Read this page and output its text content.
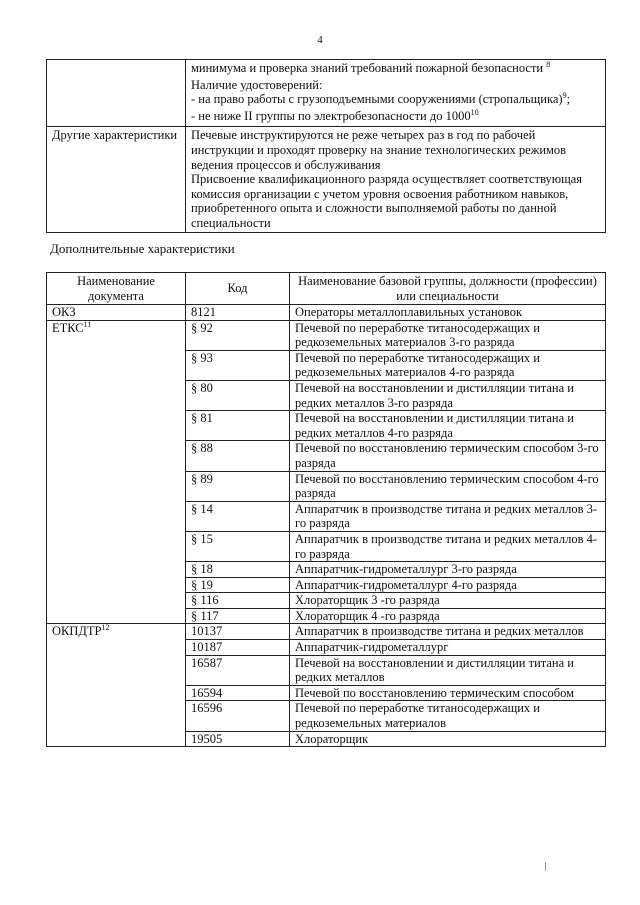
4

	минимума и проверка знаний требований пожарной безопасности $^8$
Наличие удостоверений:
- на право работы с грузоподъемными сооружениями (стропальщика)$^9$;
- не ниже II группы по электробезопасности до 1000$^{10}$

Другие характеристики	Печевые инструктируются не реже четырех раз в год по рабочей инструкции и проходят проверку на знание технологических режимов ведения процессов и обслуживания
Присвоение квалификационного разряда осуществляет соответствующая комиссия организации с учетом уровня освоения работником навыков, приобретенного опыта и сложности выполняемой работы по данной специальности
Дополнительные характеристики
Наименование документа	Код	Наименование базовой группы, должности (профессии) или специальности
ОКЗ	8121	Операторы металлоплавильных установок
ЕТКС$^{11}$	§ 92	Печевой по переработке титаносодержащих и редкоземельных материалов 3-го разряда
	§ 93	Печевой по переработке титаносодержащих и редкоземельных материалов 4-го разряда
	§ 80	Печевой на восстановлении и дистилляции титана и редких металлов 3-го разряда
	§ 81	Печевой на восстановлении и дистилляции титана и редких металлов 4-го разряда
	§ 88	Печевой по восстановлению термическим способом 3-го разряда
	§ 89	Печевой по восстановлению термическим способом 4-го разряда
	§ 14	Аппаратчик в производстве титана и редких металлов 3-го разряда
	§ 15	Аппаратчик в производстве титана и редких металлов 4-го разряда
	§ 18	Аппаратчик-гидрометаллург 3-го разряда
	§ 19	Аппаратчик-гидрометаллург 4-го разряда
	§ 116	Хлораторщик 3 -го разряда
	§ 117	Хлораторщик 4 -го разряда
ОКПДТР$^{12}$	10137	Аппаратчик в производстве титана и редких металлов
	10187	Аппаратчик-гидрометаллург
	16587	Печевой на восстановлении и дистилляции титана и редких металлов
	16594	Печевой по восстановлению термическим способом
	16596	Печевой по переработке титаносодержащих и редкоземельных материалов
	19505	Хлораторщик
